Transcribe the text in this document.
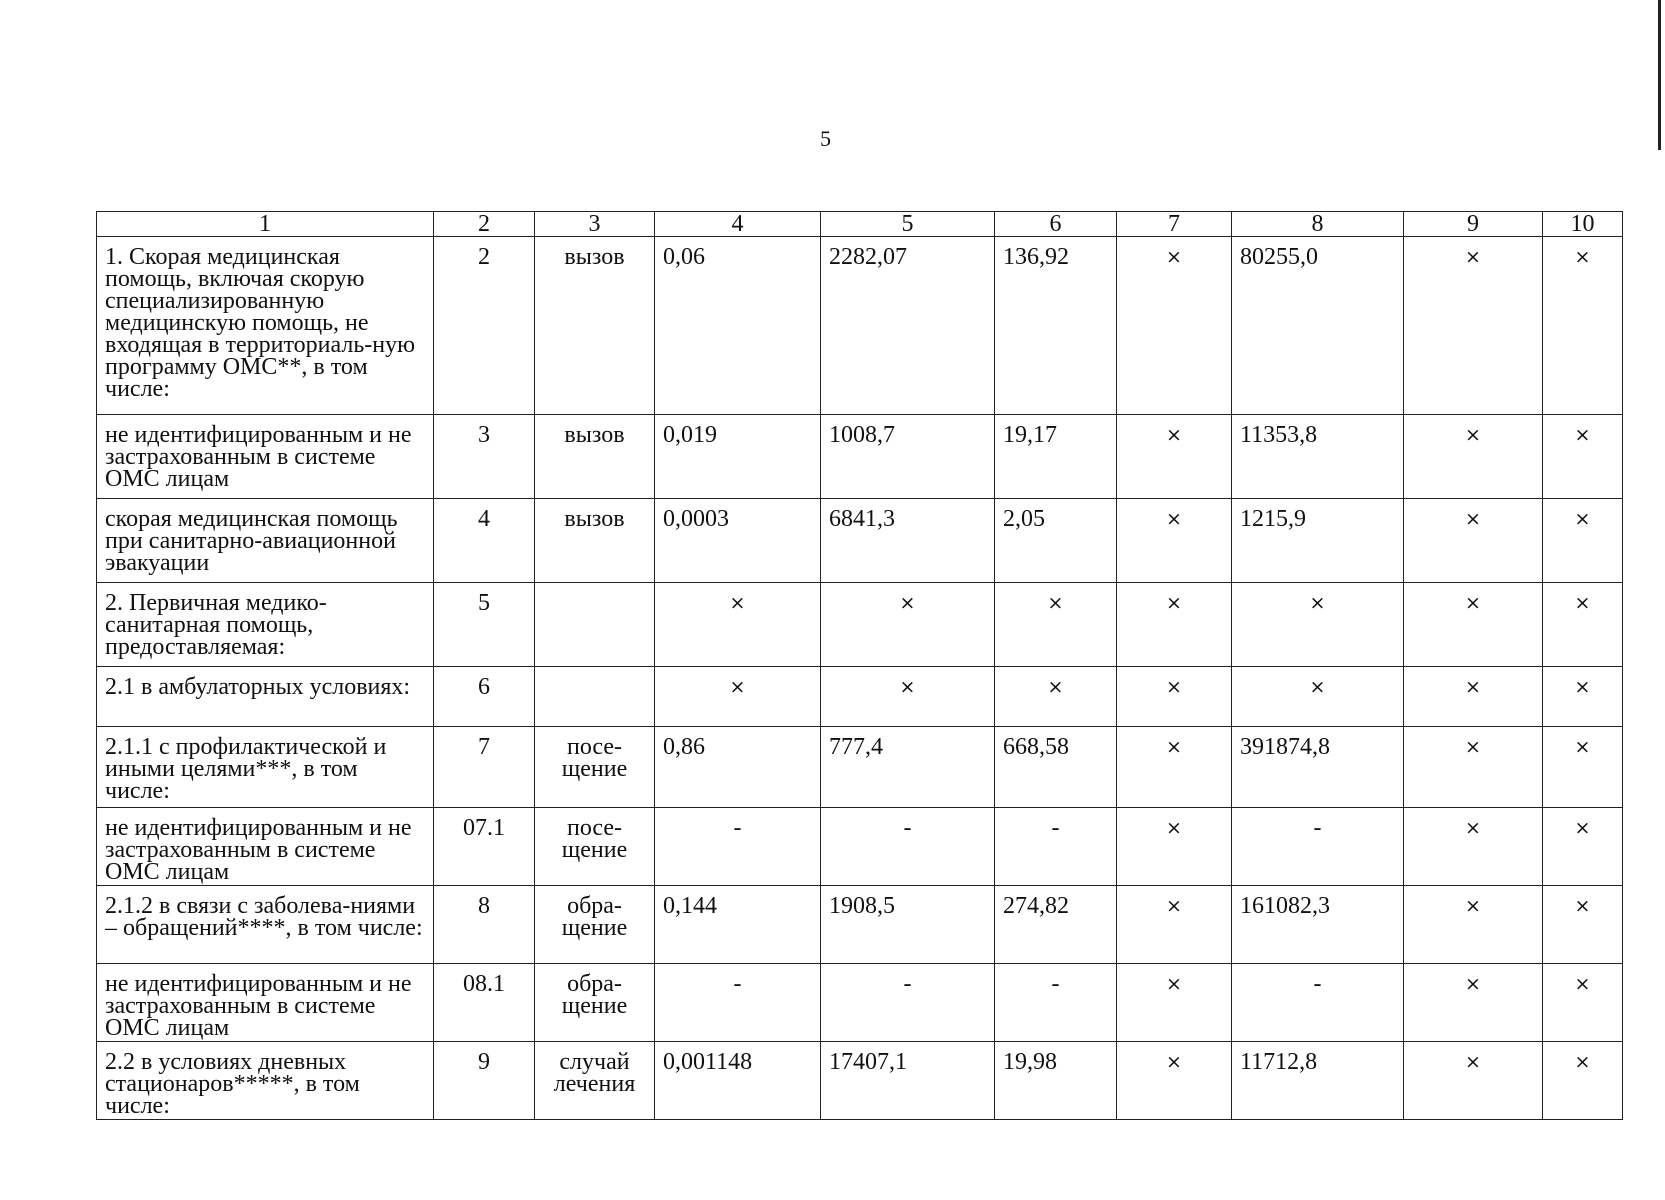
5
1	2	3	4	5	6	7	8	9	10
1. Скорая медицинская помощь, включая скорую специализированную медицинскую помощь, не входящая в территориаль-ную программу ОМС**, в том числе:	2	вызов	0,06	2282,07	136,92	×	80255,0	×	×
не идентифицированным и не застрахованным в системе ОМС лицам	3	вызов	0,019	1008,7	19,17	×	11353,8	×	×
скорая медицинская помощь при санитарно-авиационной эвакуации	4	вызов	0,0003	6841,3	2,05	×	1215,9	×	×
2. Первичная медико-санитарная помощь, предоставляемая:	5		×	×	×	×	×	×	×
2.1 в амбулаторных условиях:	6		×	×	×	×	×	×	×
2.1.1 с профилактической и иными целями***, в том числе:	7	посе-щение	0,86	777,4	668,58	×	391874,8	×	×
не идентифицированным и не застрахованным в системе ОМС лицам	07.1	посе-щение	-	-	-	×	-	×	×
2.1.2 в связи с заболева-ниями – обращений****, в том числе:	8	обра-щение	0,144	1908,5	274,82	×	161082,3	×	×
не идентифицированным и не застрахованным в системе ОМС лицам	08.1	обра-щение	-	-	-	×	-	×	×
2.2 в условиях дневных стационаров*****, в том числе:	9	случай лечения	0,001148	17407,1	19,98	×	11712,8	×	×
